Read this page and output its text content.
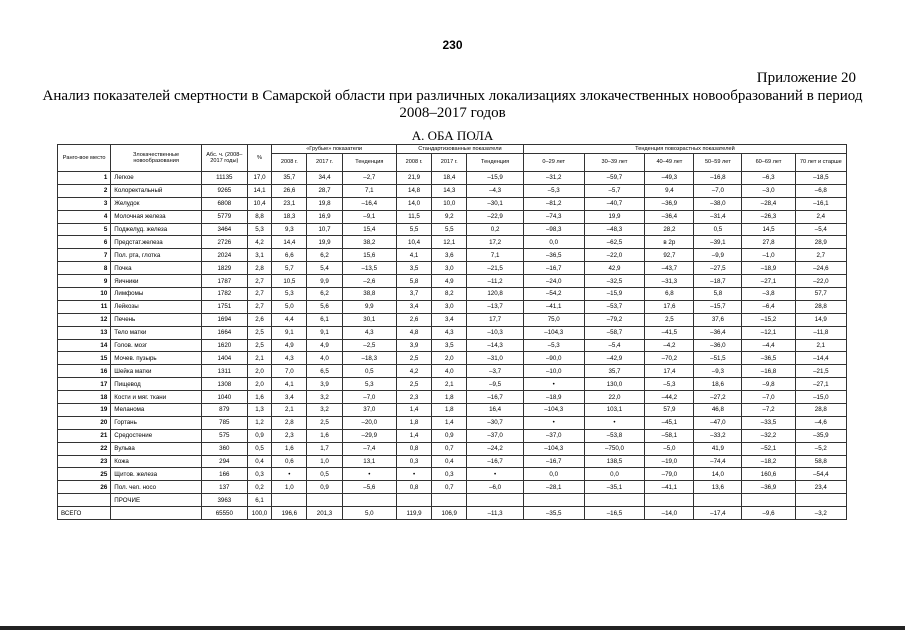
230
Приложение 20
Анализ показателей смертности в Самарской области при различных локализациях злокачественных новообразований в период 2008–2017 годов
А. ОБА ПОЛА
Ранго-вое место	Злокачественные новообразования	Абс. ч. (2008–2017 годы)	%	«Грубые» показатели			Стандартизованные показатели			Тенденция повозрастных показателей					
				2008 г.	2017 г.	Тенденция	2008 г.	2017 г.	Тенденция	0–29 лет	30–39 лет	40–49 лет	50–59 лет	60–69 лет	70 лет и старше
1	Легкое	11135	17,0	35,7	34,4	–2,7	21,9	18,4	–15,9	–31,2	–59,7	–49,3	–16,8	–6,3	–18,5
2	Колоректальный	9265	14,1	26,6	28,7	7,1	14,8	14,3	–4,3	–5,3	–5,7	9,4	–7,0	–3,0	–6,8
3	Желудок	6808	10,4	23,1	19,8	–16,4	14,0	10,0	–30,1	–81,2	–40,7	–36,9	–38,0	–28,4	–16,1
4	Молочная железа	5779	8,8	18,3	16,9	–9,1	11,5	9,2	–22,9	–74,3	19,9	–36,4	–31,4	–26,3	2,4
5	Поджелуд. железа	3464	5,3	9,3	10,7	15,4	5,5	5,5	0,2	–98,3	–48,3	28,2	0,5	14,5	–5,4
6	Предстат.железа	2726	4,2	14,4	19,9	38,2	10,4	12,1	17,2	0,0	–62,5	в 2р	–39,1	27,8	28,9
7	Пол. рта, глотка	2024	3,1	6,6	6,2	15,6	4,1	3,6	7,1	–36,5	–22,0	92,7	–9,9	–1,0	2,7
8	Почка	1829	2,8	5,7	5,4	–13,5	3,5	3,0	–21,5	–16,7	42,9	–43,7	–27,5	–18,9	–24,6
9	Яичники	1787	2,7	10,5	9,9	–2,6	5,8	4,9	–11,2	–24,0	–32,5	–31,3	–18,7	–27,1	–22,0
10	Лимфомы	1782	2,7	5,3	6,2	38,8	3,7	8,2	120,8	–54,2	–15,9	6,8	5,8	–3,8	57,7
11	Лейкозы	1751	2,7	5,0	5,6	9,9	3,4	3,0	–13,7	–41,1	–53,7	17,6	–15,7	–6,4	28,8
12	Печень	1694	2,6	4,4	6,1	30,1	2,6	3,4	17,7	75,0	–79,2	2,5	37,6	–15,2	14,9
13	Тело матки	1664	2,5	9,1	9,1	4,3	4,8	4,3	–10,3	–104,3	–58,7	–41,5	–36,4	–12,1	–11,8
14	Голов. мозг	1620	2,5	4,9	4,9	–2,5	3,9	3,5	–14,3	–5,3	–5,4	–4,2	–36,0	–4,4	2,1
15	Мочев. пузырь	1404	2,1	4,3	4,0	–18,3	2,5	2,0	–31,0	–90,0	–42,9	–70,2	–51,5	–36,5	–14,4
16	Шейка матки	1311	2,0	7,0	6,5	0,5	4,2	4,0	–3,7	–10,0	35,7	17,4	–9,3	–16,8	–21,5
17	Пищевод	1308	2,0	4,1	3,9	5,3	2,5	2,1	–9,5	•	130,0	–5,3	18,6	–9,8	–27,1
18	Кости и мяг. ткани	1040	1,6	3,4	3,2	–7,0	2,3	1,8	–16,7	–18,9	22,0	–44,2	–27,2	–7,0	–15,0
19	Меланома	879	1,3	2,1	3,2	37,0	1,4	1,8	16,4	–104,3	103,1	57,9	46,8	–7,2	28,8
20	Гортань	785	1,2	2,8	2,5	–20,0	1,8	1,4	–30,7	•	•	–45,1	–47,0	–33,5	–4,6
21	Средостение	575	0,9	2,3	1,6	–29,9	1,4	0,9	–37,0	–37,0	–53,8	–58,1	–33,2	–32,2	–35,9
22	Вульва	360	0,5	1,6	1,7	–7,4	0,8	0,7	–24,2	–104,3	–750,0	–5,0	41,9	–52,1	–5,2
23	Кожа	294	0,4	0,6	1,0	13,1	0,3	0,4	–16,7	–16,7	138,5	–19,0	–74,4	–18,2	58,8
25	Щитов. железа	166	0,3	•	0,5	•	•	0,3	•	0,0	0,0	–79,0	14,0	160,6	–54,4
26	Пол. чел. носо	137	0,2	1,0	0,9	–5,6	0,8	0,7	–6,0	–28,1	–35,1	–41,1	13,6	–36,9	23,4
	ПРОЧИЕ	3963	6,1												
ВСЕГО		65550	100,0	196,6	201,3	5,0	119,9	106,9	–11,3	–35,5	–16,5	–14,0	–17,4	–9,6	–3,2
